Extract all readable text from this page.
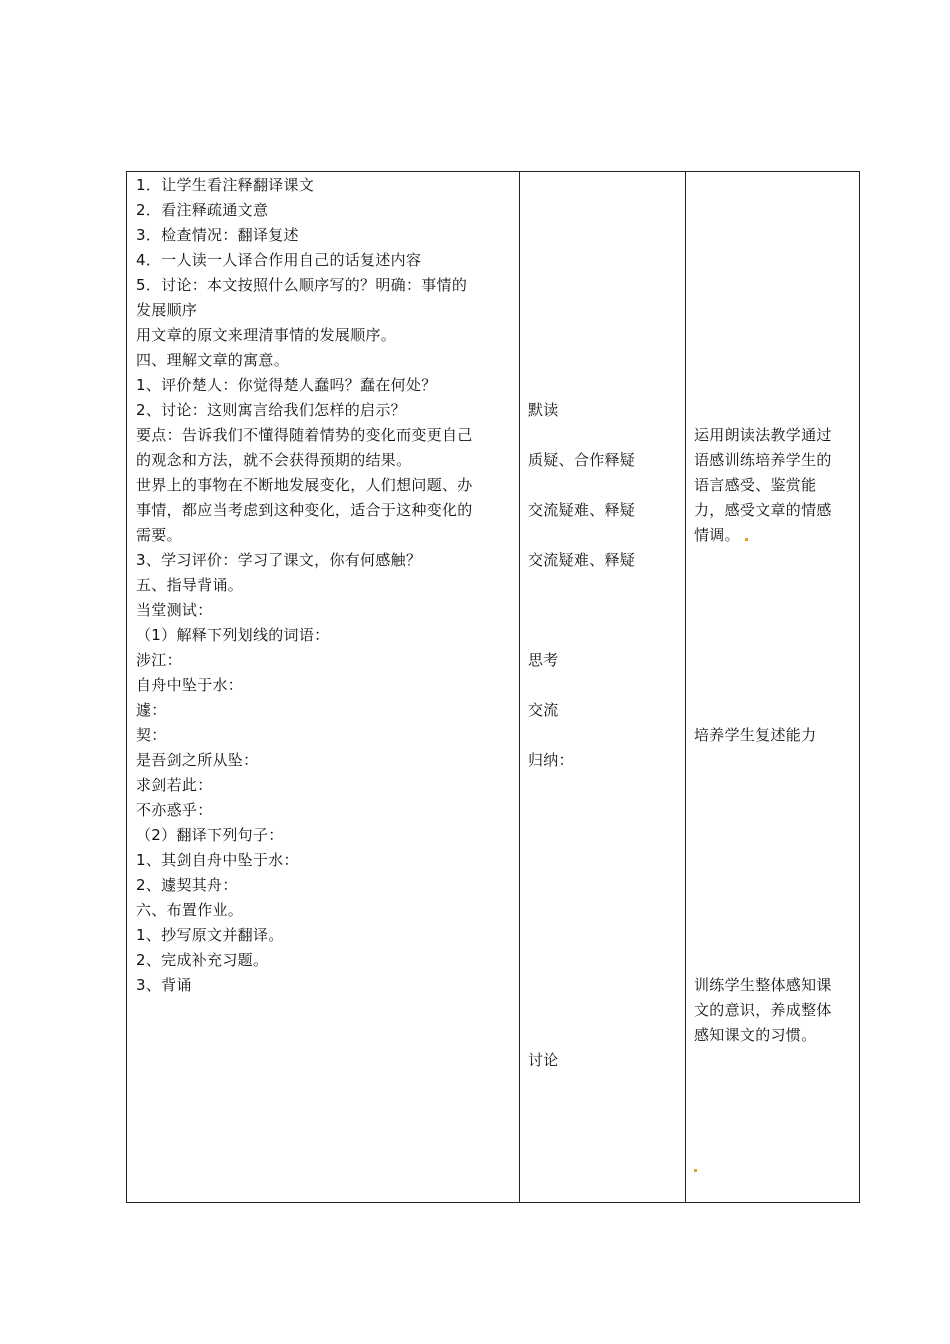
1．让学生看注释翻译课文
2．看注释疏通文意
3．检查情况：翻译复述
4．一人读一人译合作用自己的话复述内容
5．讨论：本文按照什么顺序写的？明确：事情的
发展顺序
用文章的原文来理清事情的发展顺序。
四、理解文章的寓意。
1、评价楚人：你觉得楚人蠢吗？蠢在何处？
2、讨论：这则寓言给我们怎样的启示？
要点：告诉我们不懂得随着情势的变化而变更自己
的观念和方法，就不会获得预期的结果。
世界上的事物在不断地发展变化，人们想问题、办
事情，都应当考虑到这种变化，适合于这种变化的
需要。
3、学习评价：学习了课文，你有何感触？
五、指导背诵。
当堂测试：
（1）解释下列划线的词语：
涉江：
自舟中坠于水：
遽：
契：
是吾剑之所从坠：
求剑若此：
不亦惑乎：
（2）翻译下列句子：
1、其剑自舟中坠于水：
2、遽契其舟：
六、布置作业。
1、抄写原文并翻译。
2、完成补充习题。
3、背诵
默读
质疑、合作释疑
交流疑难、释疑
交流疑难、释疑
思考
交流
归纳：
讨论
运用朗读法教学通过
语感训练培养学生的
语言感受、鉴赏能
力，感受文章的情感
情调。
培养学生复述能力
训练学生整体感知课
文的意识，养成整体
感知课文的习惯。
